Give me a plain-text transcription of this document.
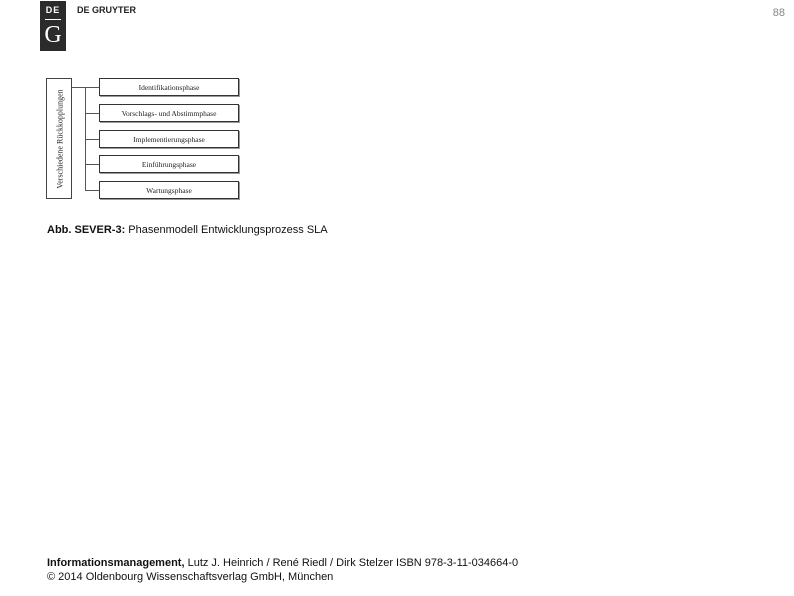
DE
G
DE GRUYTER	88
Verschiedene Rückkopplungen
Identifikationsphase
Vorschlags- und Abstimmphase
Implementierungsphase
Einführungsphase
Wartungsphase
Abb. SEVER-3: Phasenmodell Entwicklungsprozess SLA
Informationsmanagement, Lutz J. Heinrich / René Riedl / Dirk Stelzer ISBN 978-3-11-034664-0
© 2014 Oldenbourg Wissenschaftsverlag GmbH, München
